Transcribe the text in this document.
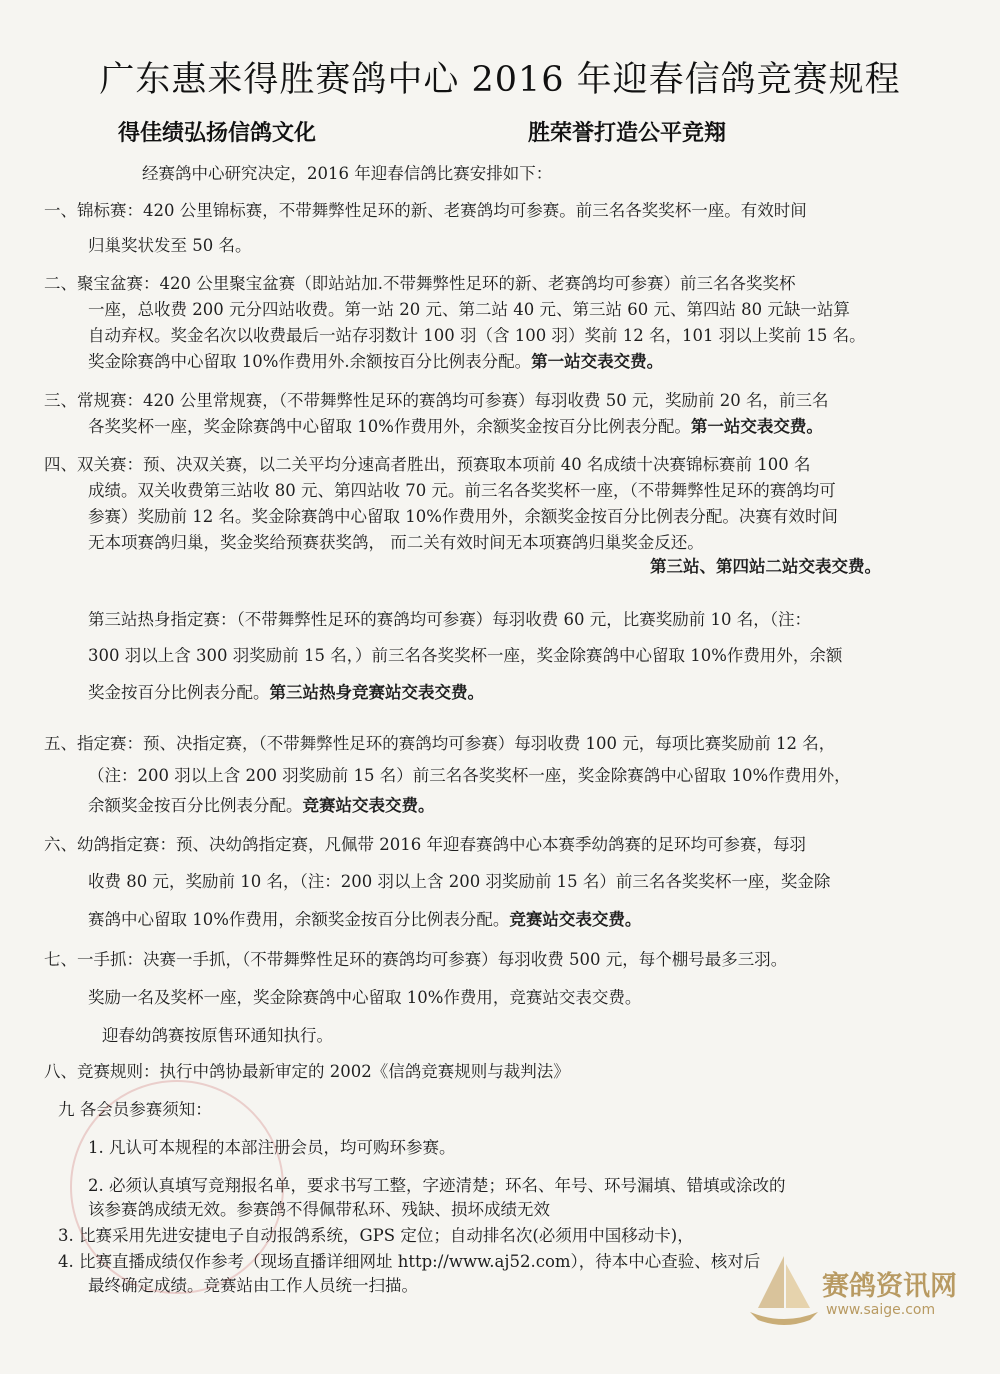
广东惠来得胜赛鸽中心 2016 年迎春信鸽竞赛规程
得佳绩弘扬信鸽文化	胜荣誉打造公平竞翔
经赛鸽中心研究决定，2016 年迎春信鸽比赛安排如下：
一、锦标赛：420 公里锦标赛，不带舞弊性足环的新、老赛鸽均可参赛。前三名各奖奖杯一座。有效时间
归巢奖状发至 50 名。
二、聚宝盆赛：420 公里聚宝盆赛（即站站加.不带舞弊性足环的新、老赛鸽均可参赛）前三名各奖奖杯
一座，总收费 200 元分四站收费。第一站 20 元、第二站 40 元、第三站 60 元、第四站 80 元缺一站算
自动弃权。奖金名次以收费最后一站存羽数计 100 羽（含 100 羽）奖前 12 名，101 羽以上奖前 15 名。
奖金除赛鸽中心留取 10%作费用外.余额按百分比例表分配。第一站交表交费。
三、常规赛：420 公里常规赛，（不带舞弊性足环的赛鸽均可参赛）每羽收费 50 元，奖励前 20 名，前三名
各奖奖杯一座，奖金除赛鸽中心留取 10%作费用外，余额奖金按百分比例表分配。第一站交表交费。
四、双关赛：预、决双关赛，以二关平均分速高者胜出，预赛取本项前 40 名成绩十决赛锦标赛前 100 名
成绩。双关收费第三站收 80 元、第四站收 70 元。前三名各奖奖杯一座，（不带舞弊性足环的赛鸽均可
参赛）奖励前 12 名。奖金除赛鸽中心留取 10%作费用外，余额奖金按百分比例表分配。决赛有效时间
无本项赛鸽归巢，奖金奖给预赛获奖鸽， 而二关有效时间无本项赛鸽归巢奖金反还。
第三站、第四站二站交表交费。
第三站热身指定赛：（不带舞弊性足环的赛鸽均可参赛）每羽收费 60 元，比赛奖励前 10 名，（注：
300 羽以上含 300 羽奖励前 15 名，）前三名各奖奖杯一座，奖金除赛鸽中心留取 10%作费用外，余额
奖金按百分比例表分配。第三站热身竞赛站交表交费。
五、指定赛：预、决指定赛，（不带舞弊性足环的赛鸽均可参赛）每羽收费 100 元，每项比赛奖励前 12 名，
（注：200 羽以上含 200 羽奖励前 15 名）前三名各奖奖杯一座，奖金除赛鸽中心留取 10%作费用外，
余额奖金按百分比例表分配。竞赛站交表交费。
六、幼鸽指定赛：预、决幼鸽指定赛，凡佩带 2016 年迎春赛鸽中心本赛季幼鸽赛的足环均可参赛，每羽
收费 80 元，奖励前 10 名，（注：200 羽以上含 200 羽奖励前 15 名）前三名各奖奖杯一座，奖金除
赛鸽中心留取 10%作费用，余额奖金按百分比例表分配。竞赛站交表交费。
七、一手抓：决赛一手抓，（不带舞弊性足环的赛鸽均可参赛）每羽收费 500 元，每个棚号最多三羽。
奖励一名及奖杯一座，奖金除赛鸽中心留取 10%作费用，竞赛站交表交费。
迎春幼鸽赛按原售环通知执行。
八、竞赛规则：执行中鸽协最新审定的 2002《信鸽竞赛规则与裁判法》
九 各会员参赛须知：
1. 凡认可本规程的本部注册会员，均可购环参赛。
2. 必须认真填写竞翔报名单，要求书写工整，字迹清楚；环名、年号、环号漏填、错填或涂改的
该参赛鸽成绩无效。参赛鸽不得佩带私环、残缺、损坏成绩无效
3. 比赛采用先进安捷电子自动报鸽系统，GPS 定位；自动排名次(必须用中国移动卡)，
4. 比赛直播成绩仅作参考（现场直播详细网址 http://www.aj52.com），待本中心查验、核对后
最终确定成绩。竞赛站由工作人员统一扫描。	赛鸽资讯网
www.saige.com
